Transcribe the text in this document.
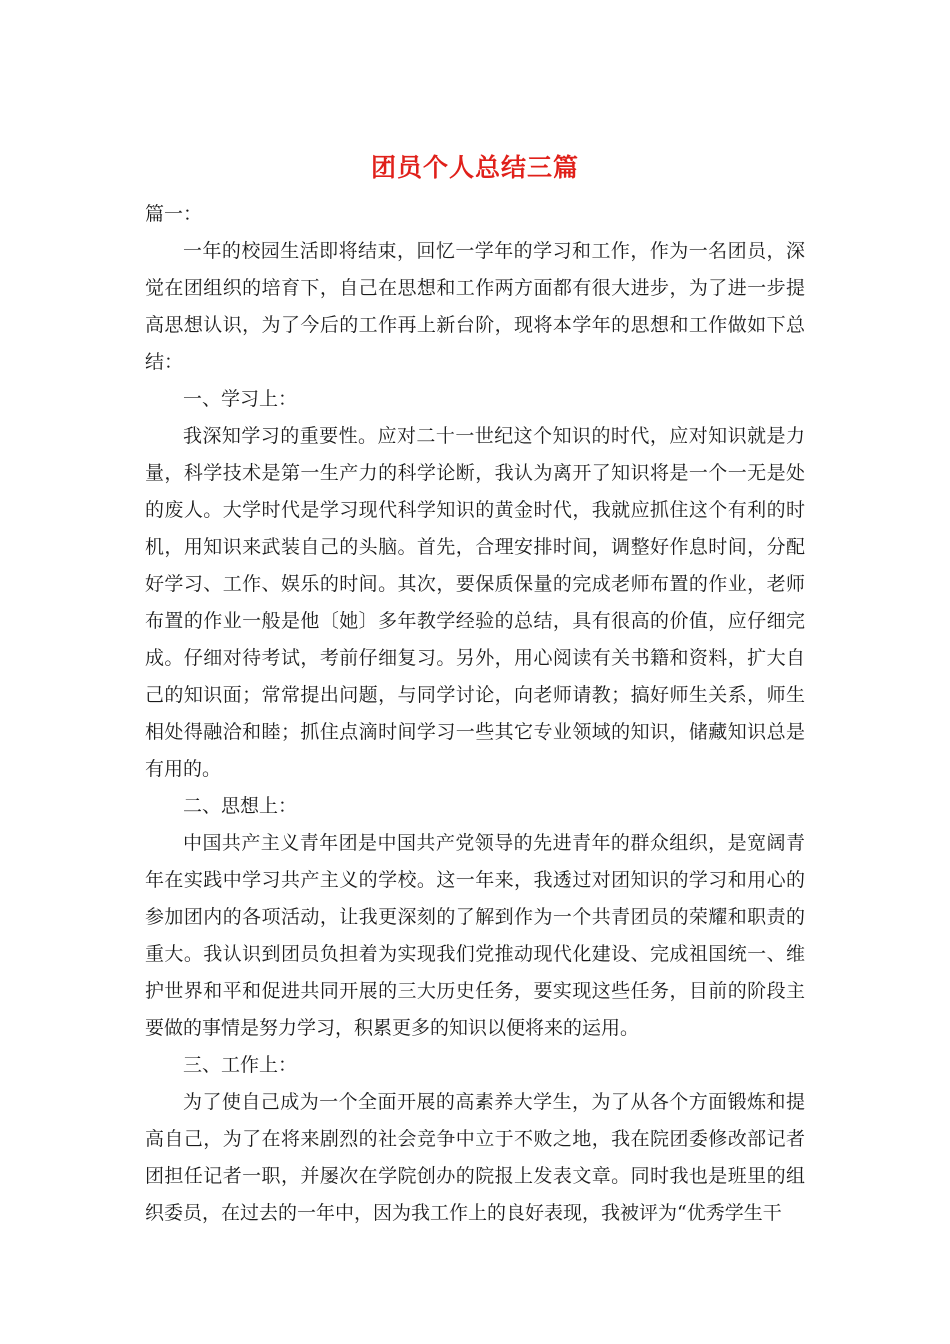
团员个人总结三篇

篇一：

一年的校园生活即将结束，回忆一学年的学习和工作，作为一名团员，深觉在团组织的培育下，自己在思想和工作两方面都有很大进步，为了进一步提高思想认识，为了今后的工作再上新台阶，现将本学年的思想和工作做如下总结：

一、学习上：

我深知学习的重要性。应对二十一世纪这个知识的时代，应对知识就是力量，科学技术是第一生产力的科学论断，我认为离开了知识将是一个一无是处的废人。大学时代是学习现代科学知识的黄金时代，我就应抓住这个有利的时机，用知识来武装自己的头脑。首先，合理安排时间，调整好作息时间，分配好学习、工作、娱乐的时间。其次，要保质保量的完成老师布置的作业，老师布置的作业一般是他〔她〕多年教学经验的总结，具有很高的价值，应仔细完成。仔细对待考试，考前仔细复习。另外，用心阅读有关书籍和资料，扩大自己的知识面；常常提出问题，与同学讨论，向老师请教；搞好师生关系，师生相处得融洽和睦；抓住点滴时间学习一些其它专业领域的知识，储藏知识总是有用的。

二、思想上：

中国共产主义青年团是中国共产党领导的先进青年的群众组织，是宽阔青年在实践中学习共产主义的学校。这一年来，我透过对团知识的学习和用心的参加团内的各项活动，让我更深刻的了解到作为一个共青团员的荣耀和职责的重大。我认识到团员负担着为实现我们党推动现代化建设、完成祖国统一、维护世界和平和促进共同开展的三大历史任务，要实现这些任务，目前的阶段主要做的事情是努力学习，积累更多的知识以便将来的运用。

三、工作上：

为了使自己成为一个全面开展的高素养大学生，为了从各个方面锻炼和提高自己，为了在将来剧烈的社会竞争中立于不败之地，我在院团委修改部记者团担任记者一职，并屡次在学院创办的院报上发表文章。同时我也是班里的组织委员，在过去的一年中，因为我工作上的良好表现，我被评为“优秀学生干
